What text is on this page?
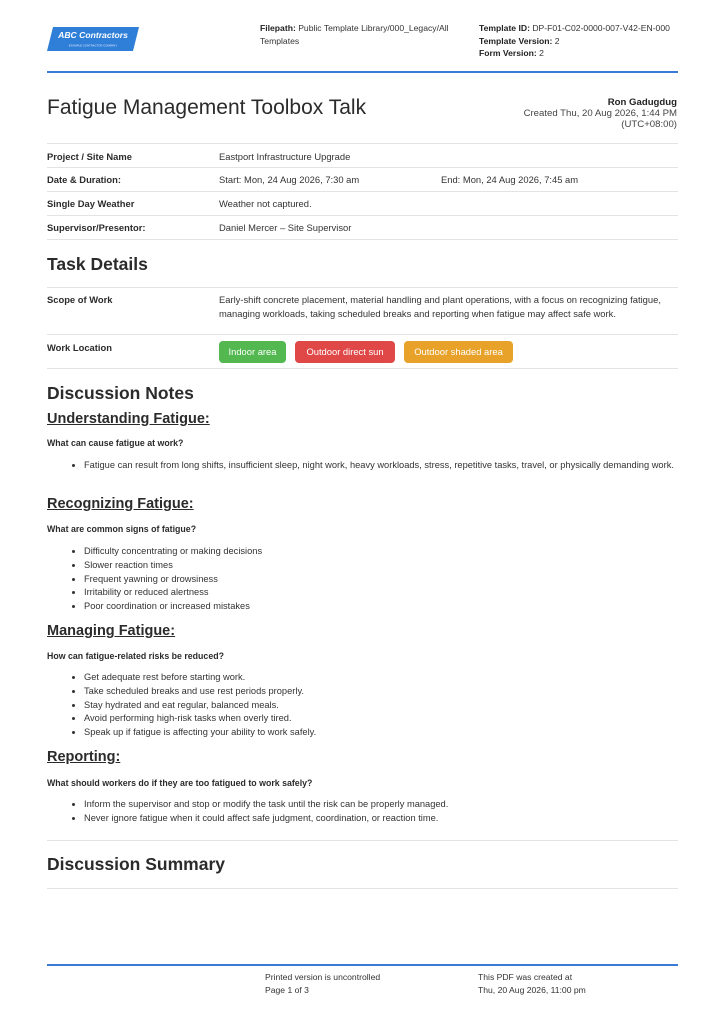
ABC Contractors
EXAMPLE CONTRACTOR COMPANY
Filepath: Public Template Library/000_Legacy/All
Templates
Template ID: DP-F01-C02-0000-007-V42-EN-000
Template Version: 2
Form Version: 2
Fatigue Management Toolbox Talk	Ron Gadugdug
Created Thu, 20 Aug 2026, 1:44 PM
(UTC+08:00)
Project / Site Name	Eastport Infrastructure Upgrade
Date & Duration:	Start: Mon, 24 Aug 2026, 7:30 am	End: Mon, 24 Aug 2026, 7:45 am
Single Day Weather	Weather not captured.
Supervisor/Presentor:	Daniel Mercer – Site Supervisor
Task Details
Scope of Work	Early-shift concrete placement, material handling and plant operations, with a focus on recognizing fatigue, managing workloads, taking scheduled breaks and reporting when fatigue may affect safe work.
Work Location	Indoor area	Outdoor direct sun	Outdoor shaded area
Discussion Notes
Understanding Fatigue:
What can cause fatigue at work?
• Fatigue can result from long shifts, insufficient sleep, night work, heavy workloads, stress, repetitive tasks, travel, or physically demanding work.
Recognizing Fatigue:
What are common signs of fatigue?
• Difficulty concentrating or making decisions
• Slower reaction times
• Frequent yawning or drowsiness
• Irritability or reduced alertness
• Poor coordination or increased mistakes
Managing Fatigue:
How can fatigue-related risks be reduced?
• Get adequate rest before starting work.
• Take scheduled breaks and use rest periods properly.
• Stay hydrated and eat regular, balanced meals.
• Avoid performing high-risk tasks when overly tired.
• Speak up if fatigue is affecting your ability to work safely.
Reporting:
What should workers do if they are too fatigued to work safely?
• Inform the supervisor and stop or modify the task until the risk can be properly managed.
• Never ignore fatigue when it could affect safe judgment, coordination, or reaction time.
Discussion Summary
Printed version is uncontrolled
Page 1 of 3
This PDF was created at
Thu, 20 Aug 2026, 11:00 pm
